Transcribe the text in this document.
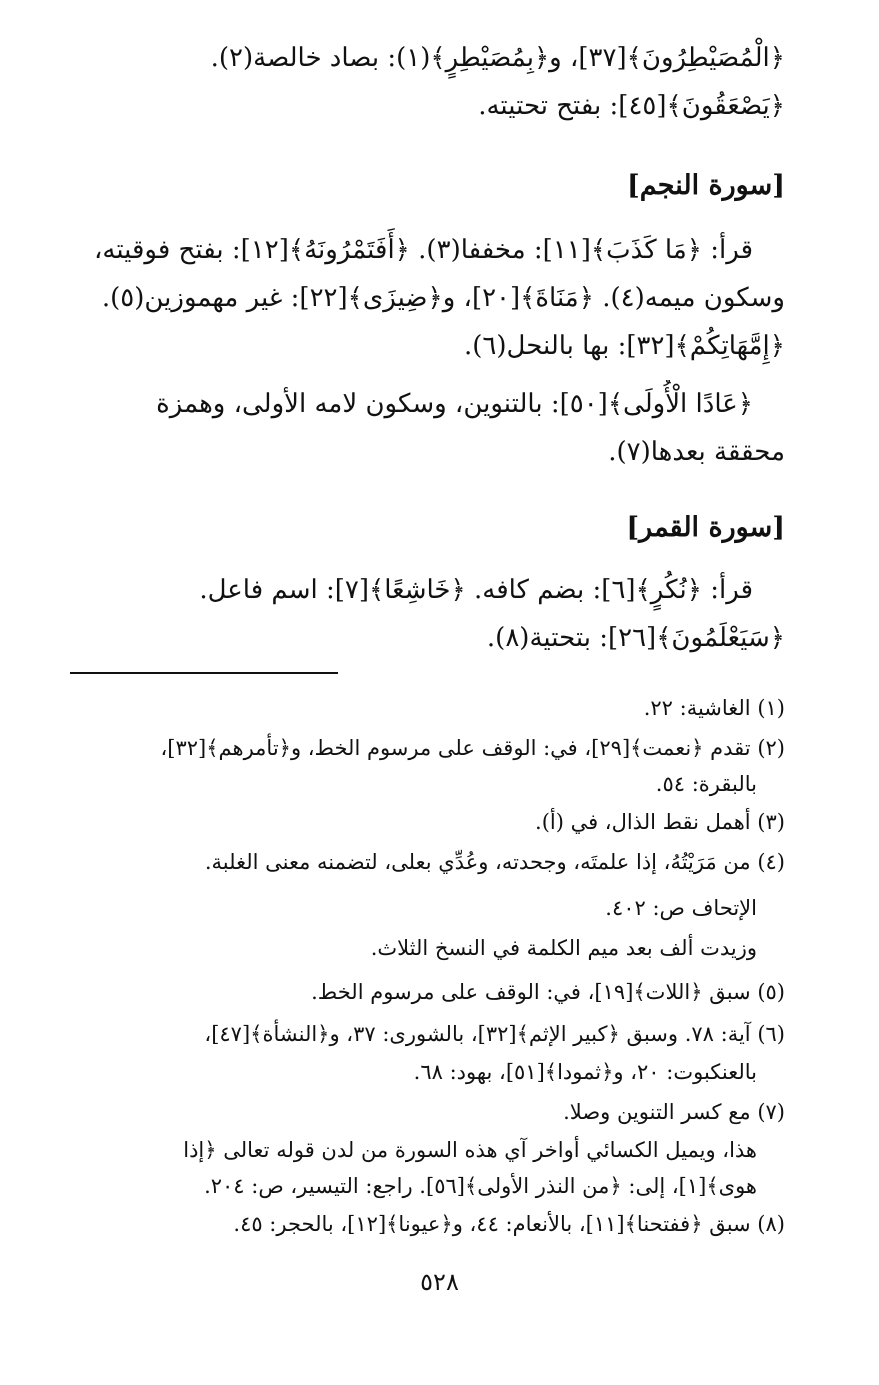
﴿الْمُصَيْطِرُونَ﴾[٣٧]، و﴿بِمُصَيْطِرٍ﴾(١): بصاد خالصة(٢).
﴿يَصْعَقُونَ﴾[٤٥]: بفتح تحتيته.
[سورة النجم]
قرأ: ﴿مَا كَذَبَ﴾[١١]: مخففا(٣). ﴿أَفَتَمْرُونَهُ﴾[١٢]: بفتح فوقيته،
وسكون ميمه(٤). ﴿مَنَاةَ﴾[٢٠]، و﴿ضِيزَى﴾[٢٢]: غير مهموزين(٥).
﴿إِمَّهَاتِكُمْ﴾[٣٢]: بها بالنحل(٦).
﴿عَادًا الْأُولَى﴾[٥٠]: بالتنوين، وسكون لامه الأولى، وهمزة
محققة بعدها(٧).
[سورة القمر]
قرأ: ﴿نُكُرٍ﴾[٦]: بضم كافه. ﴿خَاشِعًا﴾[٧]: اسم فاعل.
﴿سَيَعْلَمُونَ﴾[٢٦]: بتحتية(٨).
(١) الغاشية: ٢٢.
(٢) تقدم ﴿نعمت﴾[٢٩]، في: الوقف على مرسوم الخط، و﴿تأمرهم﴾[٣٢]،
بالبقرة: ٥٤.
(٣) أهمل نقط الذال، في (أ).
(٤) من مَرَيْتُهُ، إذا علمتَه، وجحدته، وعُدِّي بعلى، لتضمنه معنى الغلبة.
الإتحاف ص: ٤٠٢.
وزيدت ألف بعد ميم الكلمة في النسخ الثلاث.
(٥) سبق ﴿اللات﴾[١٩]، في: الوقف على مرسوم الخط.
(٦) آية: ٧٨. وسبق ﴿كبير الإثم﴾[٣٢]، بالشورى: ٣٧، و﴿النشأة﴾[٤٧]،
بالعنكبوت: ٢٠، و﴿ثمودا﴾[٥١]، بهود: ٦٨.
(٧) مع كسر التنوين وصلا.
هذا، ويميل الكسائي أواخر آي هذه السورة من لدن قوله تعالى ﴿إذا
هوى﴾[١]، إلى: ﴿من النذر الأولى﴾[٥٦]. راجع: التيسير، ص: ٢٠٤.
(٨) سبق ﴿ففتحنا﴾[١١]، بالأنعام: ٤٤، و﴿عيونا﴾[١٢]، بالحجر: ٤٥.
٥٢٨
